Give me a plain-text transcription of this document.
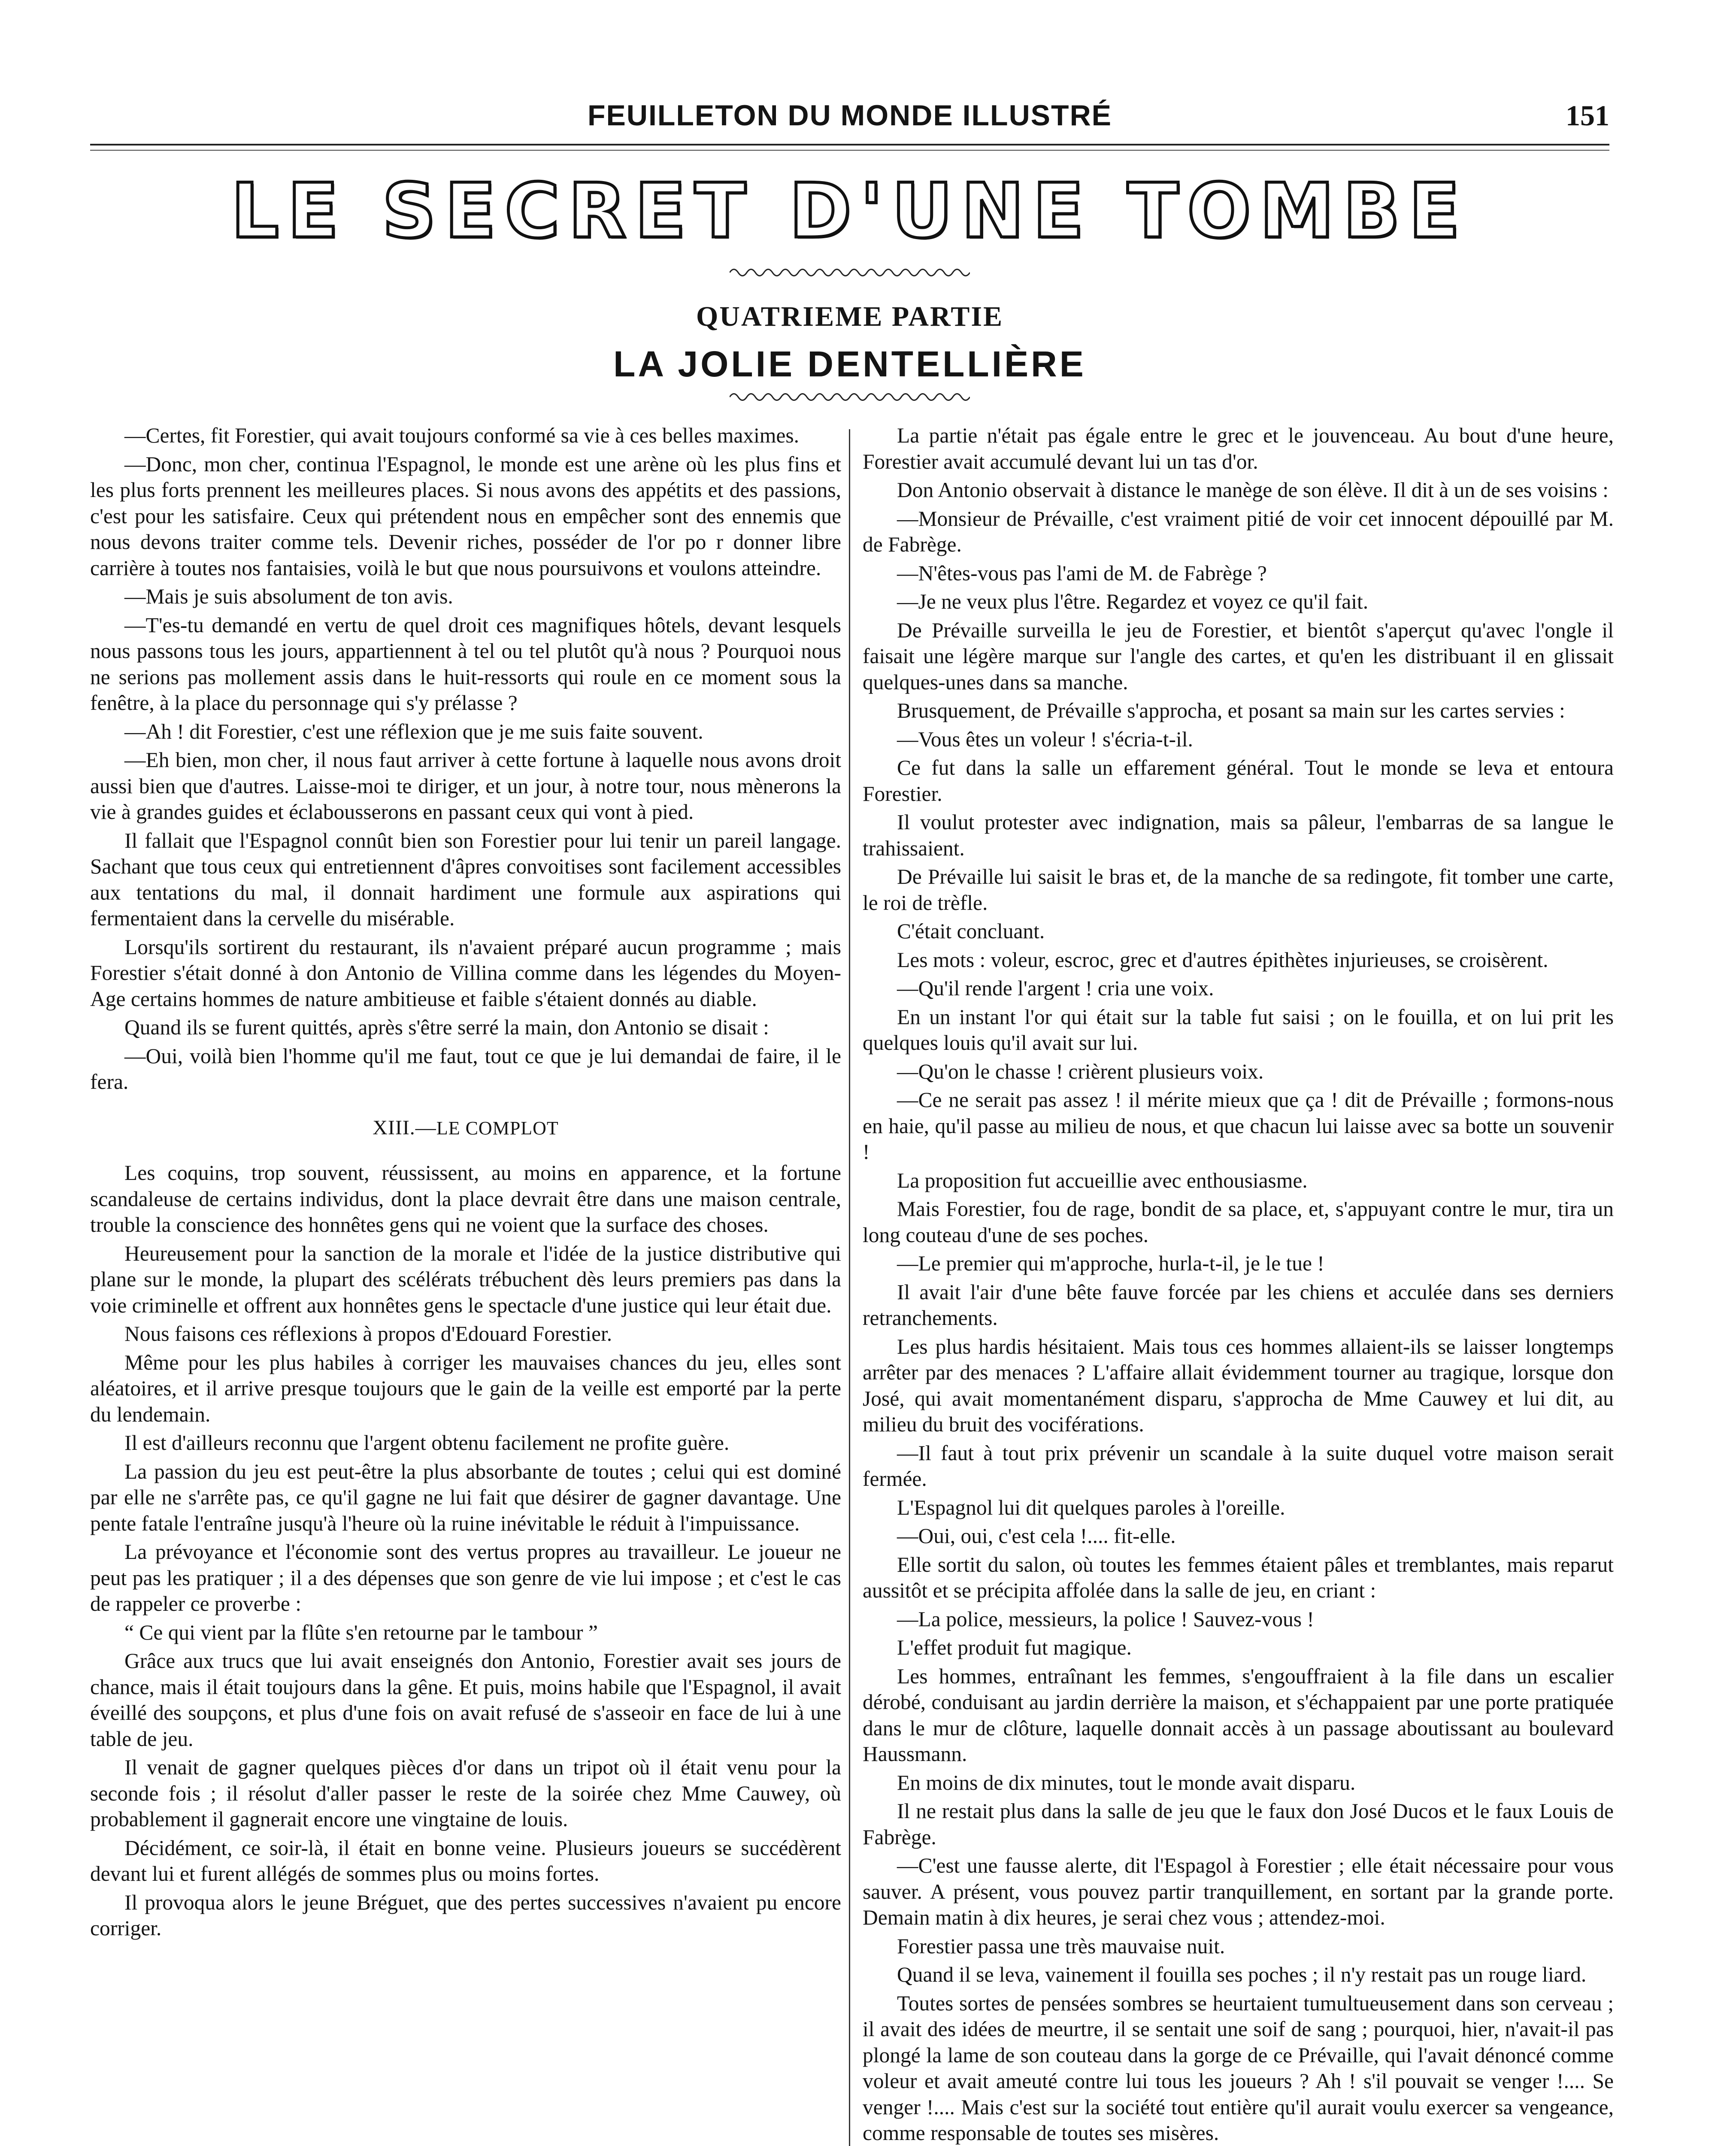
FEUILLETON DU MONDE ILLUSTRÉ	151
LE SECRET D'UNE TOMBE
QUATRIEME PARTIE
LA JOLIE DENTELLIÈRE

—Certes, fit Forestier, qui avait toujours conformé sa vie à ces belles maximes.

—Donc, mon cher, continua l'Espagnol, le monde est une arène où les plus fins et les plus forts prennent les meilleures places. Si nous avons des appétits et des passions, c'est pour les satisfaire. Ceux qui prétendent nous en empêcher sont des ennemis que nous devons traiter comme tels. Devenir riches, posséder de l'or po r donner libre carrière à toutes nos fantaisies, voilà le but que nous poursuivons et voulons atteindre.

—Mais je suis absolument de ton avis.

—T'es-tu demandé en vertu de quel droit ces magnifiques hôtels, devant lesquels nous passons tous les jours, appartiennent à tel ou tel plutôt qu'à nous ? Pourquoi nous ne serions pas mollement assis dans le huit-ressorts qui roule en ce moment sous la fenêtre, à la place du personnage qui s'y prélasse ?

—Ah ! dit Forestier, c'est une réflexion que je me suis faite souvent.

—Eh bien, mon cher, il nous faut arriver à cette fortune à laquelle nous avons droit aussi bien que d'autres. Laisse-moi te diriger, et un jour, à notre tour, nous mènerons la vie à grandes guides et éclabousserons en passant ceux qui vont à pied.

Il fallait que l'Espagnol connût bien son Forestier pour lui tenir un pareil langage. Sachant que tous ceux qui entretiennent d'âpres convoitises sont facilement accessibles aux tentations du mal, il donnait hardiment une formule aux aspirations qui fermentaient dans la cervelle du misérable.

Lorsqu'ils sortirent du restaurant, ils n'avaient préparé aucun programme ; mais Forestier s'était donné à don Antonio de Villina comme dans les légendes du Moyen-Age certains hommes de nature ambitieuse et faible s'étaient donnés au diable.

Quand ils se furent quittés, après s'être serré la main, don Antonio se disait :

—Oui, voilà bien l'homme qu'il me faut, tout ce que je lui demandai de faire, il le fera.

XIII.—LE COMPLOT

Les coquins, trop souvent, réussissent, au moins en apparence, et la fortune scandaleuse de certains individus, dont la place devrait être dans une maison centrale, trouble la conscience des honnêtes gens qui ne voient que la surface des choses.

Heureusement pour la sanction de la morale et l'idée de la justice distributive qui plane sur le monde, la plupart des scélérats trébuchent dès leurs premiers pas dans la voie criminelle et offrent aux honnêtes gens le spectacle d'une justice qui leur était due.

Nous faisons ces réflexions à propos d'Edouard Forestier.

Même pour les plus habiles à corriger les mauvaises chances du jeu, elles sont aléatoires, et il arrive presque toujours que le gain de la veille est emporté par la perte du lendemain.

Il est d'ailleurs reconnu que l'argent obtenu facilement ne profite guère.

La passion du jeu est peut-être la plus absorbante de toutes ; celui qui est dominé par elle ne s'arrête pas, ce qu'il gagne ne lui fait que désirer de gagner davantage. Une pente fatale l'entraîne jusqu'à l'heure où la ruine inévitable le réduit à l'impuissance.

La prévoyance et l'économie sont des vertus propres au travailleur. Le joueur ne peut pas les pratiquer ; il a des dépenses que son genre de vie lui impose ; et c'est le cas de rappeler ce proverbe :

“ Ce qui vient par la flûte s'en retourne par le tambour ”

Grâce aux trucs que lui avait enseignés don Antonio, Forestier avait ses jours de chance, mais il était toujours dans la gêne. Et puis, moins habile que l'Espagnol, il avait éveillé des soupçons, et plus d'une fois on avait refusé de s'asseoir en face de lui à une table de jeu.

Il venait de gagner quelques pièces d'or dans un tripot où il était venu pour la seconde fois ; il résolut d'aller passer le reste de la soirée chez Mme Cauwey, où probablement il gagnerait encore une vingtaine de louis.

Décidément, ce soir-là, il était en bonne veine. Plusieurs joueurs se succédèrent devant lui et furent allégés de sommes plus ou moins fortes.

Il provoqua alors le jeune Bréguet, que des pertes successives n'avaient pu encore corriger.

La partie n'était pas égale entre le grec et le jouvenceau. Au bout d'une heure, Forestier avait accumulé devant lui un tas d'or.

Don Antonio observait à distance le manège de son élève. Il dit à un de ses voisins :

—Monsieur de Prévaille, c'est vraiment pitié de voir cet innocent dépouillé par M. de Fabrège.

—N'êtes-vous pas l'ami de M. de Fabrège ?

—Je ne veux plus l'être. Regardez et voyez ce qu'il fait.

De Prévaille surveilla le jeu de Forestier, et bientôt s'aperçut qu'avec l'ongle il faisait une légère marque sur l'angle des cartes, et qu'en les distribuant il en glissait quelques-unes dans sa manche.

Brusquement, de Prévaille s'approcha, et posant sa main sur les cartes servies :

—Vous êtes un voleur ! s'écria-t-il.

Ce fut dans la salle un effarement général. Tout le monde se leva et entoura Forestier.

Il voulut protester avec indignation, mais sa pâleur, l'embarras de sa langue le trahissaient.

De Prévaille lui saisit le bras et, de la manche de sa redingote, fit tomber une carte, le roi de trèfle.

C'était concluant.

Les mots : voleur, escroc, grec et d'autres épithètes injurieuses, se croisèrent.

—Qu'il rende l'argent ! cria une voix.

En un instant l'or qui était sur la table fut saisi ; on le fouilla, et on lui prit les quelques louis qu'il avait sur lui.

—Qu'on le chasse ! crièrent plusieurs voix.

—Ce ne serait pas assez ! il mérite mieux que ça ! dit de Prévaille ; formons-nous en haie, qu'il passe au milieu de nous, et que chacun lui laisse avec sa botte un souvenir !

La proposition fut accueillie avec enthousiasme.

Mais Forestier, fou de rage, bondit de sa place, et, s'appuyant contre le mur, tira un long couteau d'une de ses poches.

—Le premier qui m'approche, hurla-t-il, je le tue !

Il avait l'air d'une bête fauve forcée par les chiens et acculée dans ses derniers retranchements.

Les plus hardis hésitaient. Mais tous ces hommes allaient-ils se laisser longtemps arrêter par des menaces ? L'affaire allait évidemment tourner au tragique, lorsque don José, qui avait momentanément disparu, s'approcha de Mme Cauwey et lui dit, au milieu du bruit des vociférations.

—Il faut à tout prix prévenir un scandale à la suite duquel votre maison serait fermée.

L'Espagnol lui dit quelques paroles à l'oreille.

—Oui, oui, c'est cela !.... fit-elle.

Elle sortit du salon, où toutes les femmes étaient pâles et tremblantes, mais reparut aussitôt et se précipita affolée dans la salle de jeu, en criant :

—La police, messieurs, la police ! Sauvez-vous !

L'effet produit fut magique.

Les hommes, entraînant les femmes, s'engouffraient à la file dans un escalier dérobé, conduisant au jardin derrière la maison, et s'échappaient par une porte pratiquée dans le mur de clôture, laquelle donnait accès à un passage aboutissant au boulevard Haussmann.

En moins de dix minutes, tout le monde avait disparu.

Il ne restait plus dans la salle de jeu que le faux don José Ducos et le faux Louis de Fabrège.

—C'est une fausse alerte, dit l'Espagol à Forestier ; elle était nécessaire pour vous sauver. A présent, vous pouvez partir tranquillement, en sortant par la grande porte. Demain matin à dix heures, je serai chez vous ; attendez-moi.

Forestier passa une très mauvaise nuit.

Quand il se leva, vainement il fouilla ses poches ; il n'y restait pas un rouge liard.

Toutes sortes de pensées sombres se heurtaient tumultueusement dans son cerveau ; il avait des idées de meurtre, il se sentait une soif de sang ; pourquoi, hier, n'avait-il pas plongé la lame de son couteau dans la gorge de ce Prévaille, qui l'avait dénoncé comme voleur et avait ameuté contre lui tous les joueurs ? Ah ! s'il pouvait se venger !.... Se venger !.... Mais c'est sur la société tout entière qu'il aurait voulu exercer sa vengeance, comme responsable de toutes ses misères.
